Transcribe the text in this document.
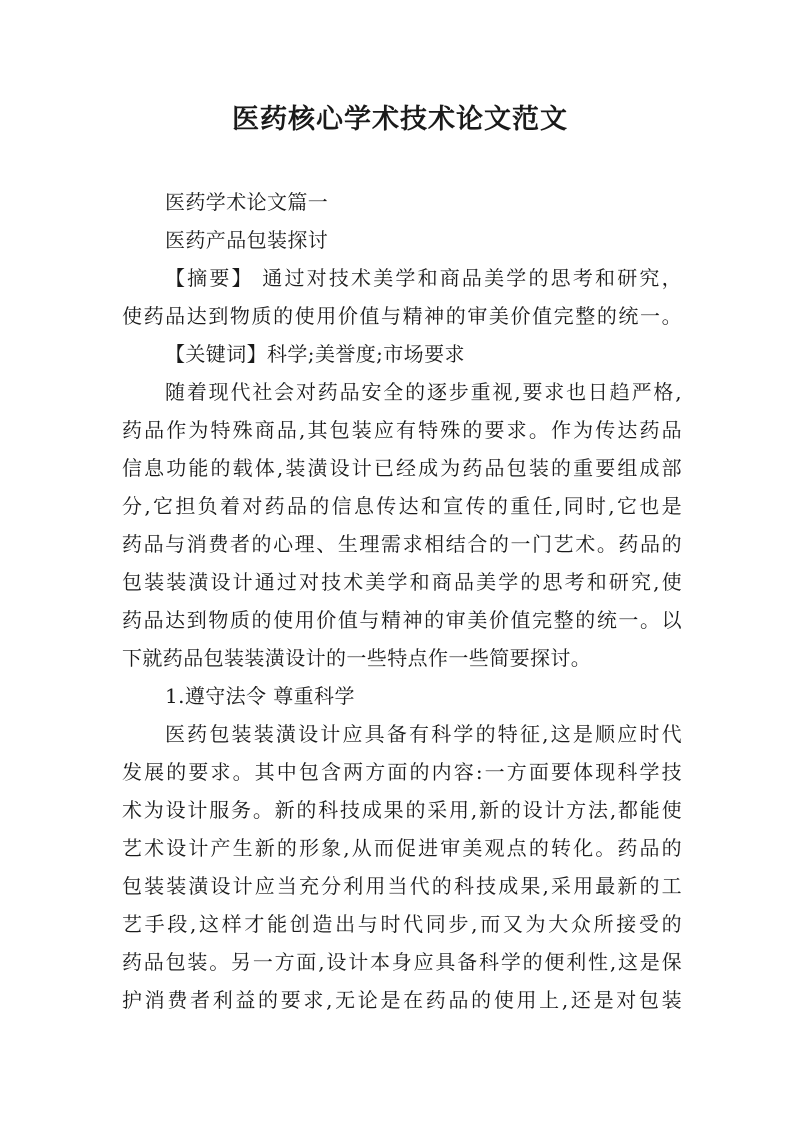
医药核心学术技术论文范文
医药学术论文篇一
医药产品包装探讨
【摘要】 通过对技术美学和商品美学的思考和研究，
使药品达到物质的使用价值与精神的审美价值完整的统一。
【关键词】科学;美誉度;市场要求
随着现代社会对药品安全的逐步重视,要求也日趋严格,
药品作为特殊商品,其包装应有特殊的要求。作为传达药品
信息功能的载体,装潢设计已经成为药品包装的重要组成部
分,它担负着对药品的信息传达和宣传的重任,同时,它也是
药品与消费者的心理、生理需求相结合的一门艺术。药品的
包装装潢设计通过对技术美学和商品美学的思考和研究,使
药品达到物质的使用价值与精神的审美价值完整的统一。以
下就药品包装装潢设计的一些特点作一些简要探讨。
1.遵守法令 尊重科学
医药包装装潢设计应具备有科学的特征,这是顺应时代
发展的要求。其中包含两方面的内容:一方面要体现科学技
术为设计服务。新的科技成果的采用,新的设计方法,都能使
艺术设计产生新的形象,从而促进审美观点的转化。药品的
包装装潢设计应当充分利用当代的科技成果,采用最新的工
艺手段,这样才能创造出与时代同步,而又为大众所接受的
药品包装。另一方面,设计本身应具备科学的便利性,这是保
护消费者利益的要求,无论是在药品的使用上,还是对包装
